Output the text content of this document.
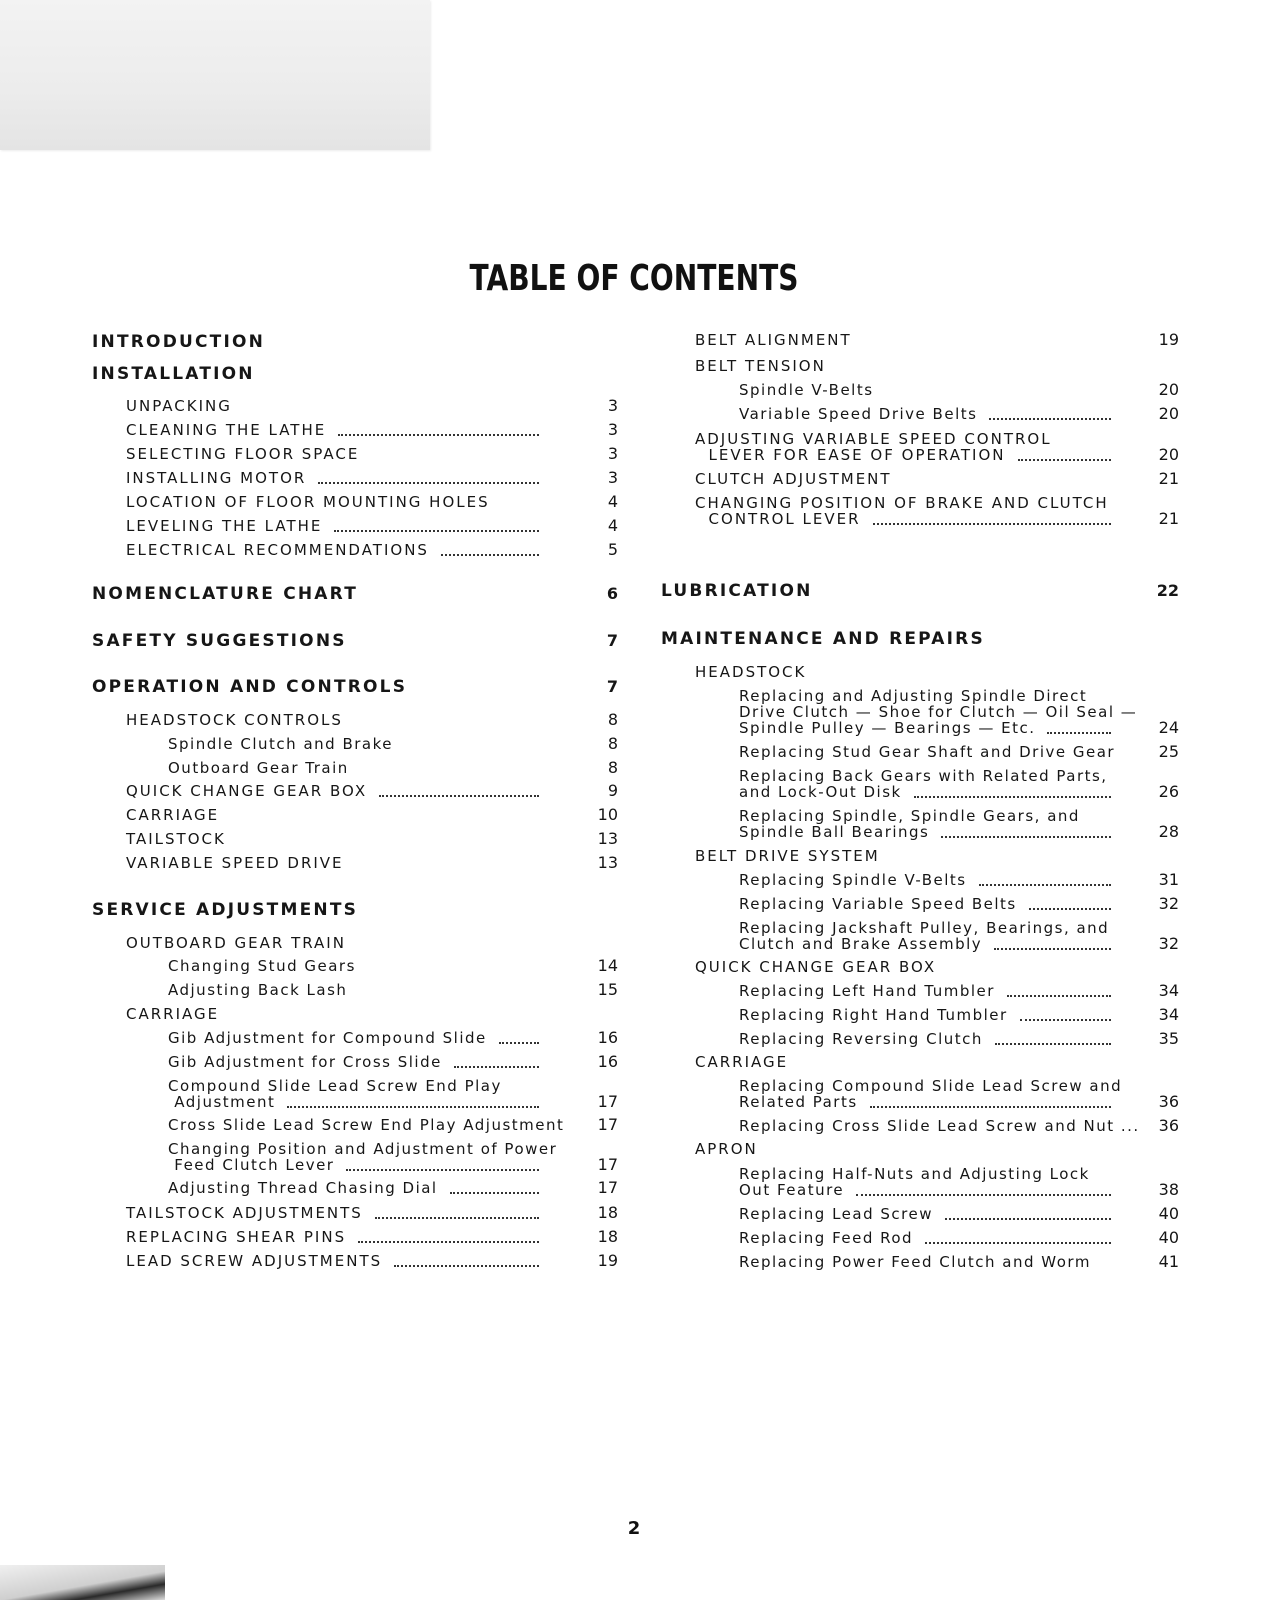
TABLE OF CONTENTS
INTRODUCTION
INSTALLATION
UNPACKING	3
CLEANING THE LATHE	3
SELECTING FLOOR SPACE	3
INSTALLING MOTOR	3
LOCATION OF FLOOR MOUNTING HOLES	4
LEVELING THE LATHE	4
ELECTRICAL RECOMMENDATIONS	5
NOMENCLATURE CHART	6
SAFETY SUGGESTIONS	7
OPERATION AND CONTROLS	7
HEADSTOCK CONTROLS	8
Spindle Clutch and Brake	8
Outboard Gear Train	8
QUICK CHANGE GEAR BOX	9
CARRIAGE	10
TAILSTOCK	13
VARIABLE SPEED DRIVE	13
SERVICE ADJUSTMENTS
OUTBOARD GEAR TRAIN
Changing Stud Gears	14
Adjusting Back Lash	15
CARRIAGE
Gib Adjustment for Compound Slide	16
Gib Adjustment for Cross Slide	16
Compound Slide Lead Screw End Play
Adjustment	17
Cross Slide Lead Screw End Play Adjustment	17
Changing Position and Adjustment of Power
Feed Clutch Lever	17
Adjusting Thread Chasing Dial	17
TAILSTOCK ADJUSTMENTS	18
REPLACING SHEAR PINS	18
LEAD SCREW ADJUSTMENTS	19
BELT ALIGNMENT	19
BELT TENSION
Spindle V-Belts	20
Variable Speed Drive Belts	20
ADJUSTING VARIABLE SPEED CONTROL
LEVER FOR EASE OF OPERATION	20
CLUTCH ADJUSTMENT	21
CHANGING POSITION OF BRAKE AND CLUTCH
CONTROL LEVER	21
LUBRICATION	22
MAINTENANCE AND REPAIRS
HEADSTOCK
Replacing and Adjusting Spindle Direct
Drive Clutch — Shoe for Clutch — Oil Seal —
Spindle Pulley — Bearings — Etc.	24
Replacing Stud Gear Shaft and Drive Gear	25
Replacing Back Gears with Related Parts,
and Lock-Out Disk	26
Replacing Spindle, Spindle Gears, and
Spindle Ball Bearings	28
BELT DRIVE SYSTEM
Replacing Spindle V-Belts	31
Replacing Variable Speed Belts	32
Replacing Jackshaft Pulley, Bearings, and
Clutch and Brake Assembly	32
QUICK CHANGE GEAR BOX
Replacing Left Hand Tumbler	34
Replacing Right Hand Tumbler	34
Replacing Reversing Clutch	35
CARRIAGE
Replacing Compound Slide Lead Screw and
Related Parts	36
Replacing Cross Slide Lead Screw and Nut ...	36
APRON
Replacing Half-Nuts and Adjusting Lock
Out Feature	38
Replacing Lead Screw	40
Replacing Feed Rod	40
Replacing Power Feed Clutch and Worm	41
2
